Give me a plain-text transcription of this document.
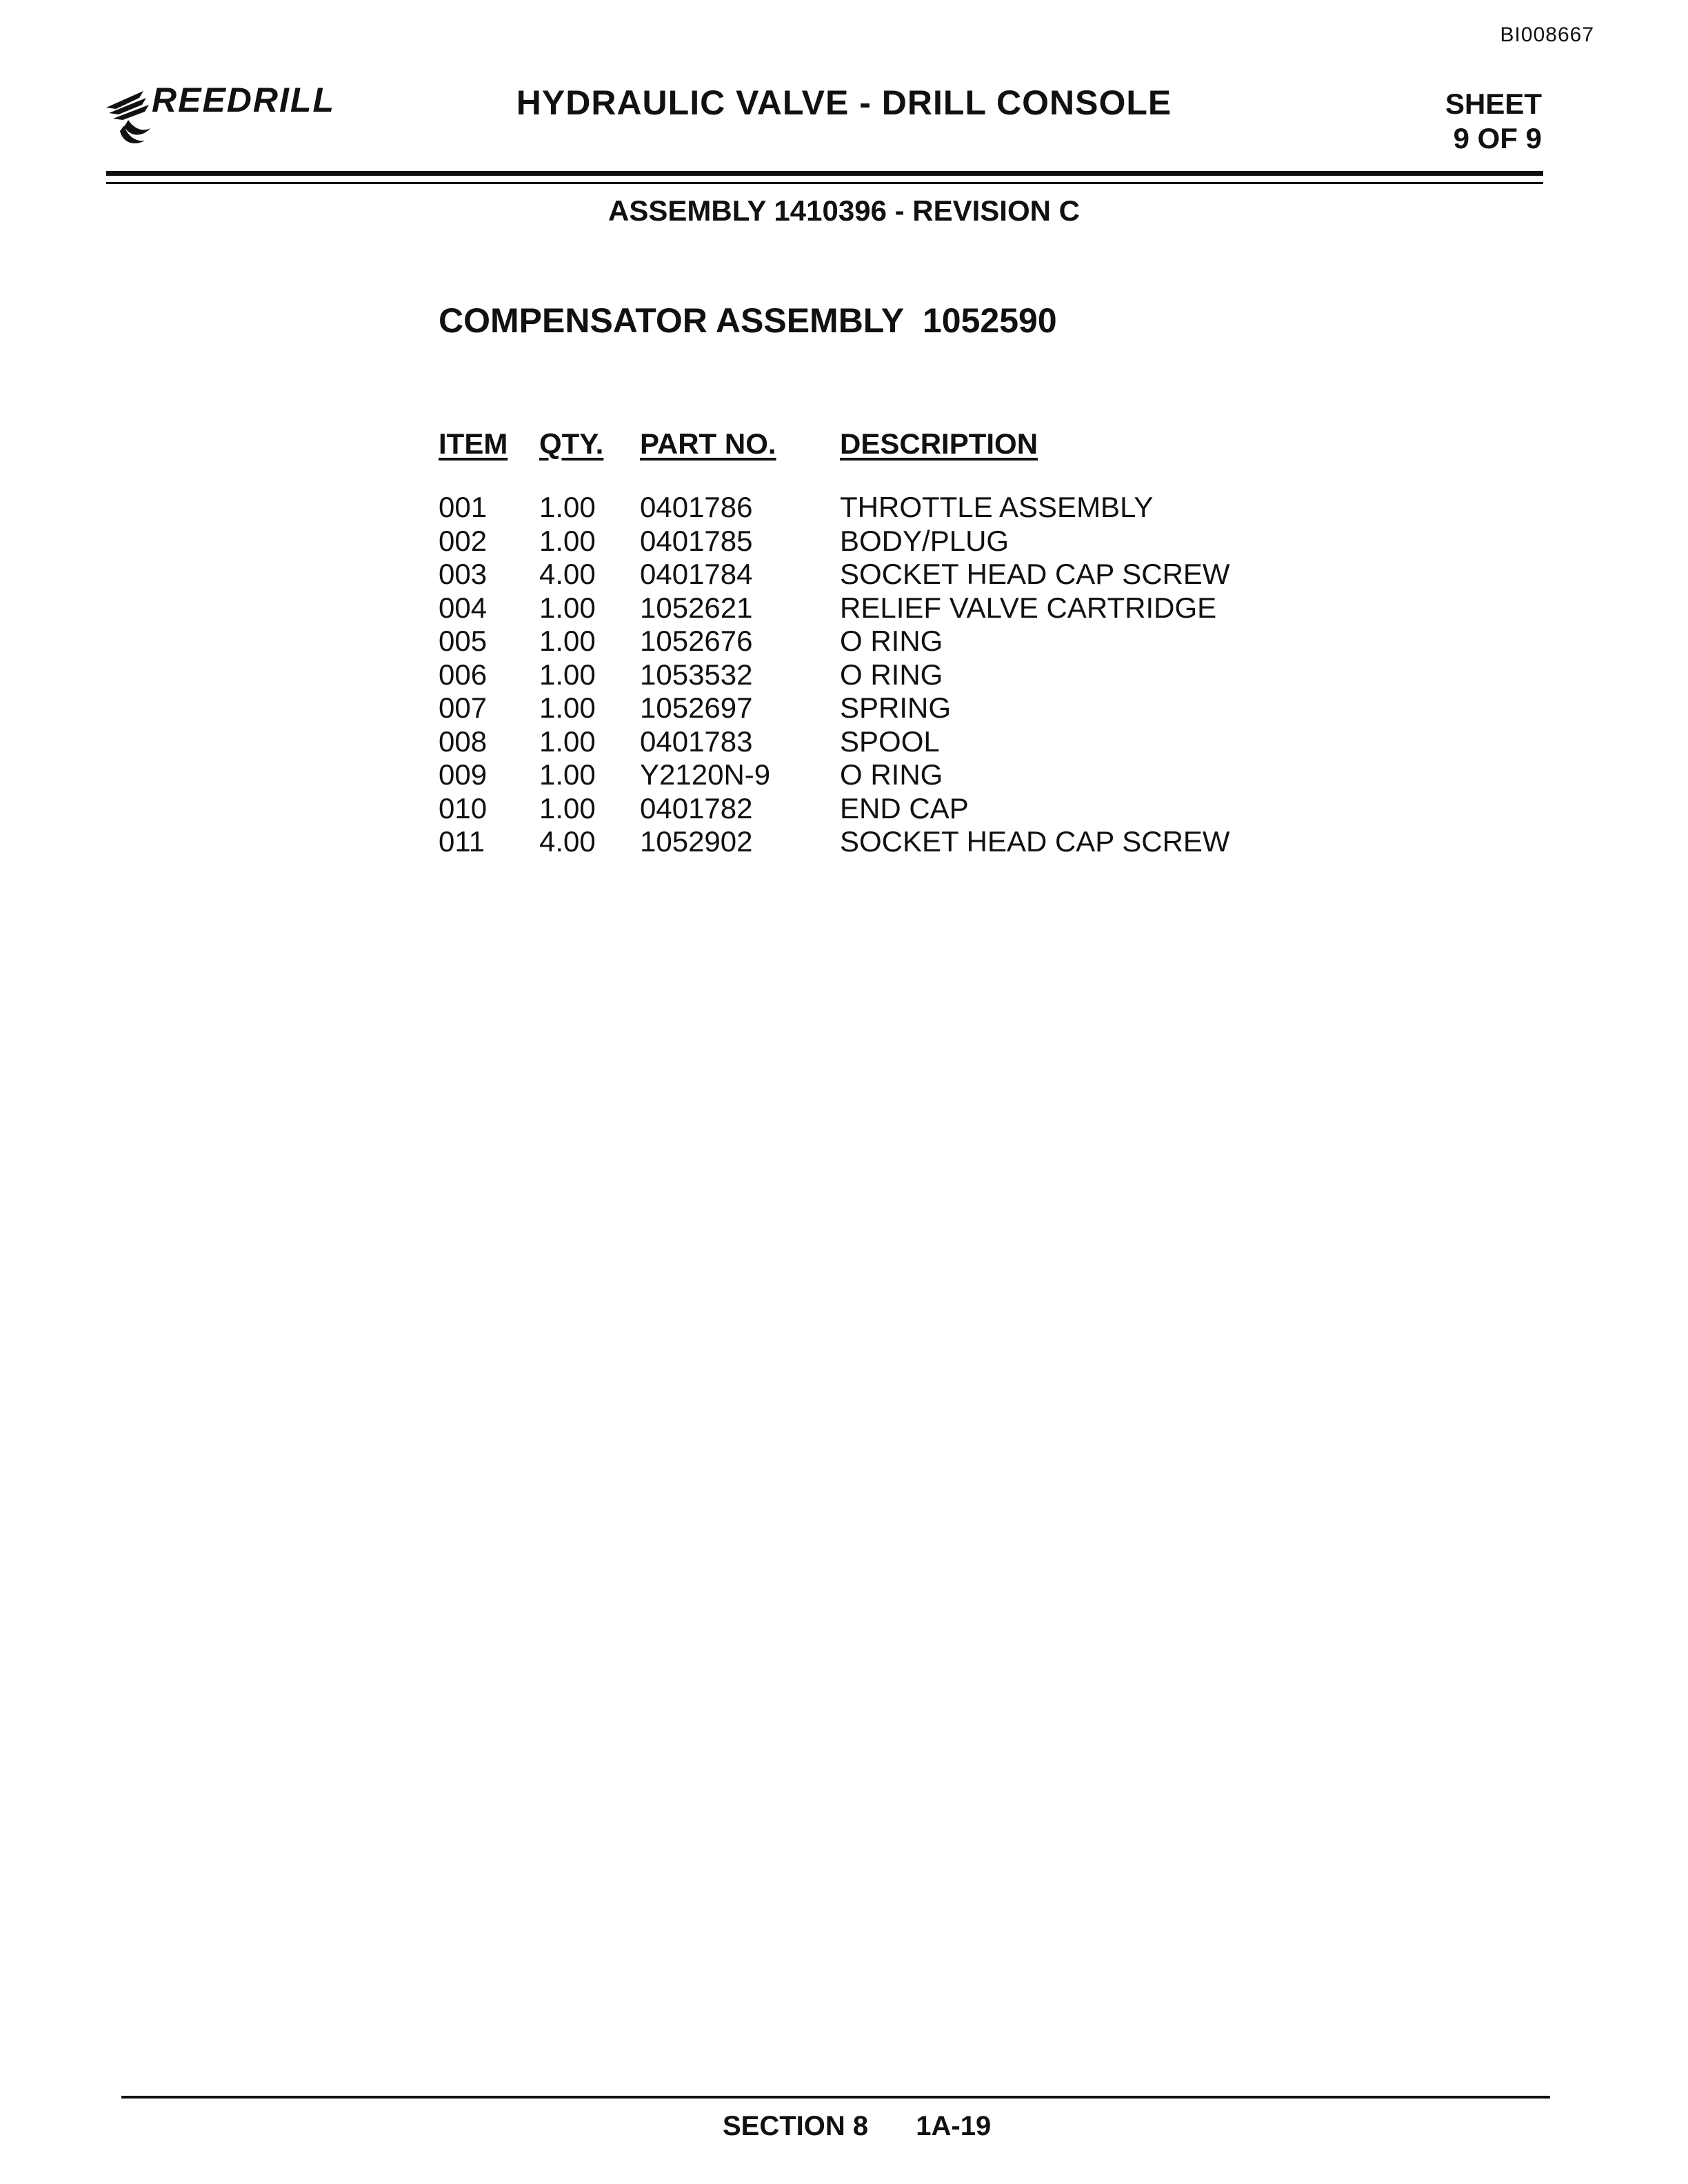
BI008667
REEDRILL	HYDRAULIC VALVE - DRILL CONSOLE	SHEET
9 OF 9
ASSEMBLY 1410396 - REVISION C
COMPENSATOR ASSEMBLY  1052590
ITEM	QTY.	PART NO.	DESCRIPTION
001	1.00	0401786	THROTTLE ASSEMBLY
002	1.00	0401785	BODY/PLUG
003	4.00	0401784	SOCKET HEAD CAP SCREW
004	1.00	1052621	RELIEF VALVE CARTRIDGE
005	1.00	1052676	O RING
006	1.00	1053532	O RING
007	1.00	1052697	SPRING
008	1.00	0401783	SPOOL
009	1.00	Y2120N-9	O RING
010	1.00	0401782	END CAP
011	4.00	1052902	SOCKET HEAD CAP SCREW
SECTION 8 1A-19
